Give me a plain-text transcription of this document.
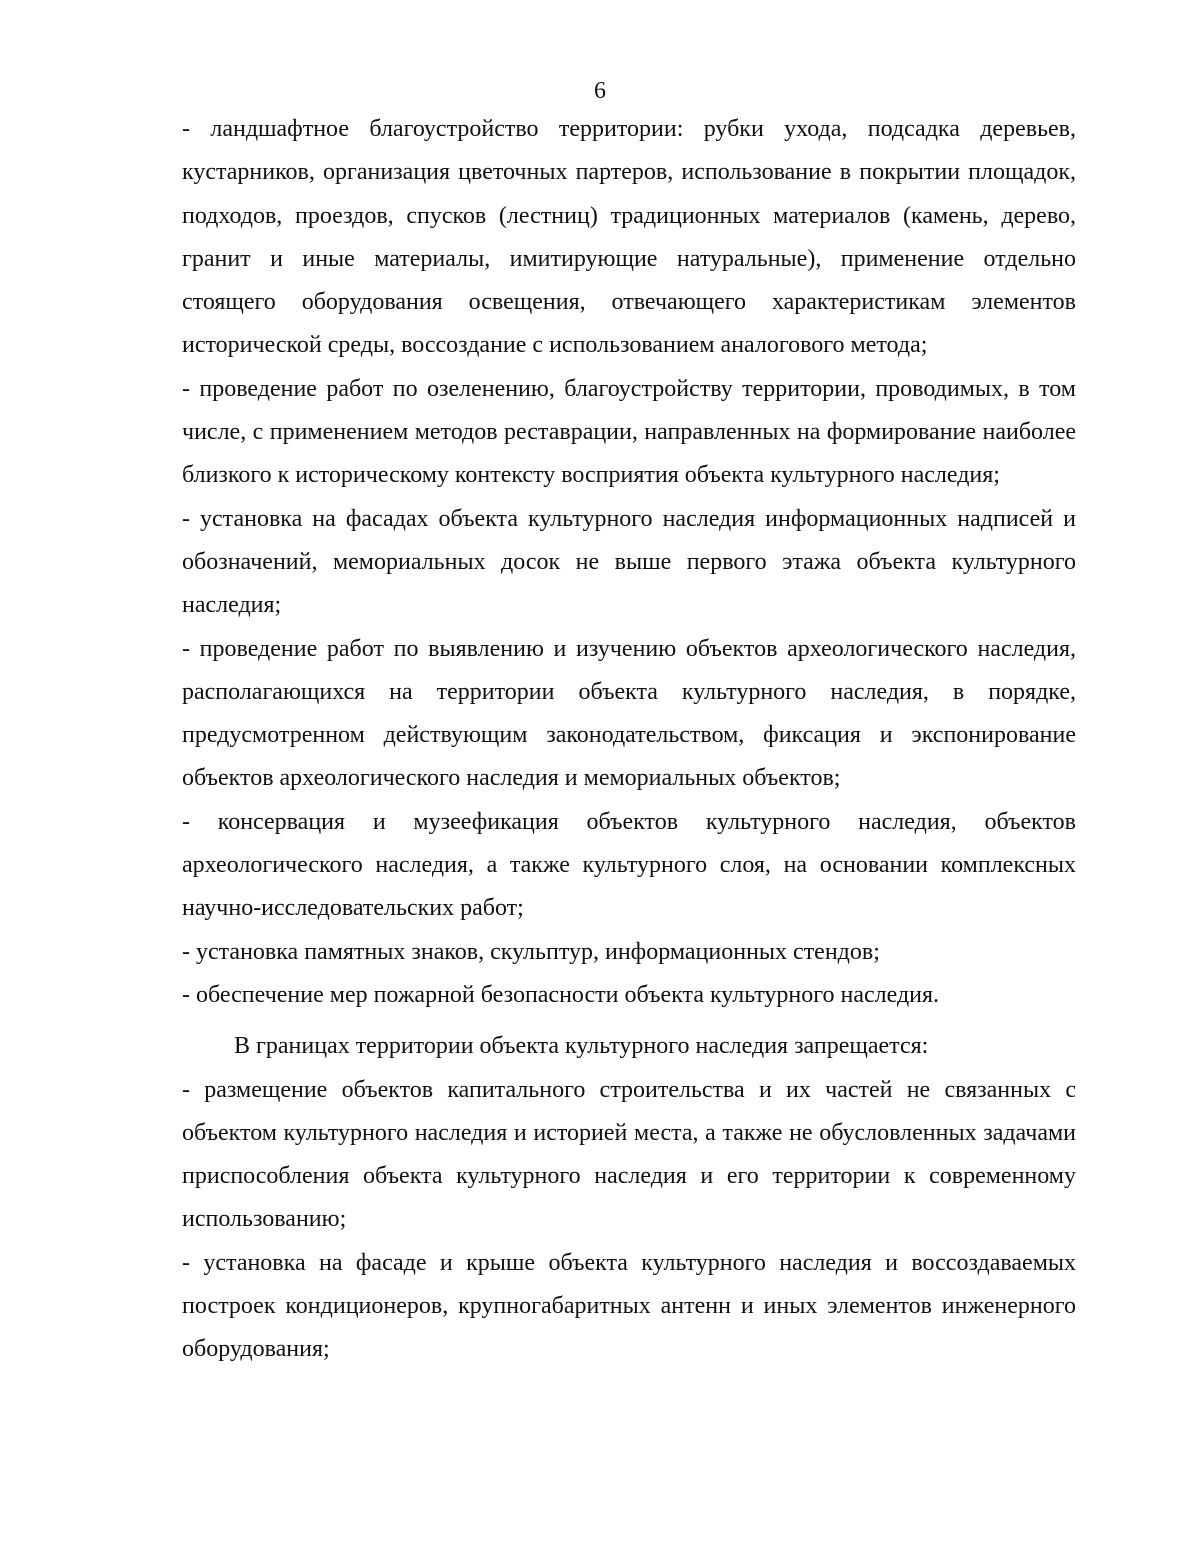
6

- ландшафтное благоустройство территории: рубки ухода, подсадка деревьев, кустарников, организация цветочных партеров, использование в покрытии площадок, подходов, проездов, спусков (лестниц) традиционных материалов (камень, дерево, гранит и иные материалы, имитирующие натуральные), применение отдельно стоящего оборудования освещения, отвечающего характеристикам элементов исторической среды, воссоздание с использованием аналогового метода;

- проведение работ по озеленению, благоустройству территории, проводимых, в том числе, с применением методов реставрации, направленных на формирование наиболее близкого к историческому контексту восприятия объекта культурного наследия;

- установка на фасадах объекта культурного наследия информационных надписей и обозначений, мемориальных досок не выше первого этажа объекта культурного наследия;

- проведение работ по выявлению и изучению объектов археологического наследия, располагающихся на территории объекта культурного наследия, в порядке, предусмотренном действующим законодательством, фиксация и экспонирование объектов археологического наследия и мемориальных объектов;

- консервация и музеефикация объектов культурного наследия, объектов археологического наследия, а также культурного слоя, на основании комплексных научно-исследовательских работ;

- установка памятных знаков, скульптур, информационных стендов;

- обеспечение мер пожарной безопасности объекта культурного наследия.

В границах территории объекта культурного наследия запрещается:

- размещение объектов капитального строительства и их частей не связанных с объектом культурного наследия и историей места, а также не обусловленных задачами приспособления объекта культурного наследия и его территории к современному использованию;

- установка на фасаде и крыше объекта культурного наследия и воссоздаваемых построек кондиционеров, крупногабаритных антенн и иных элементов инженерного оборудования;
